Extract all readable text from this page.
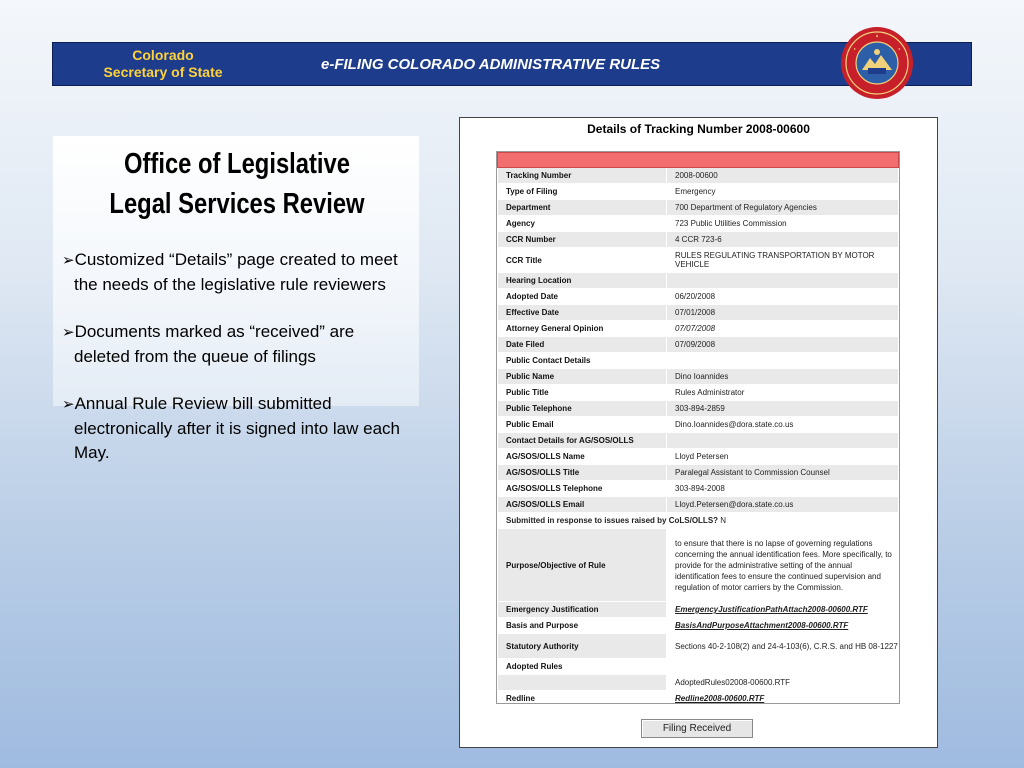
Colorado
Secretary of State	e-FILING COLORADO ADMINISTRATIVE RULES
Office of Legislative
Legal Services Review
➢Customized “Details” page created to meet the needs of the legislative rule reviewers
➢Documents marked as “received” are deleted from the queue of filings
➢Annual Rule Review bill submitted electronically after it is signed into law each May.
Details of Tracking Number 2008-00600

Tracking Number	2008-00600
Type of Filing	Emergency
Department	700 Department of Regulatory Agencies
Agency	723 Public Utilities Commission
CCR Number	4 CCR 723-6
CCR Title	RULES REGULATING TRANSPORTATION BY MOTOR VEHICLE
Hearing Location	
Adopted Date	06/20/2008
Effective Date	07/01/2008
Attorney General Opinion	07/07/2008
Date Filed	07/09/2008
Public Contact Details	
Public Name	Dino Ioannides
Public Title	Rules Administrator
Public Telephone	303-894-2859
Public Email	Dino.Ioannides@dora.state.co.us
Contact Details for AG/SOS/OLLS	
AG/SOS/OLLS Name	Lloyd Petersen
AG/SOS/OLLS Title	Paralegal Assistant to Commission Counsel
AG/SOS/OLLS Telephone	303-894-2008
AG/SOS/OLLS Email	Lloyd.Petersen@dora.state.co.us
Submitted in response to issues raised by CoLS/OLLS? N	
Purpose/Objective of Rule	to ensure that there is no lapse of governing regulations concerning the annual identification fees. More specifically, to provide for the administrative setting of the annual identification fees to ensure the continued supervision and regulation of motor carriers by the Commission.
Emergency Justification	EmergencyJustificationPathAttach2008-00600.RTF
Basis and Purpose	BasisAndPurposeAttachment2008-00600.RTF
Statutory Authority	Sections 40-2-108(2) and 24-4-103(6), C.R.S. and HB 08-1227
Adopted Rules	
	AdoptedRules02008-00600.RTF
Redline	Redline2008-00600.RTF
Filing Received
